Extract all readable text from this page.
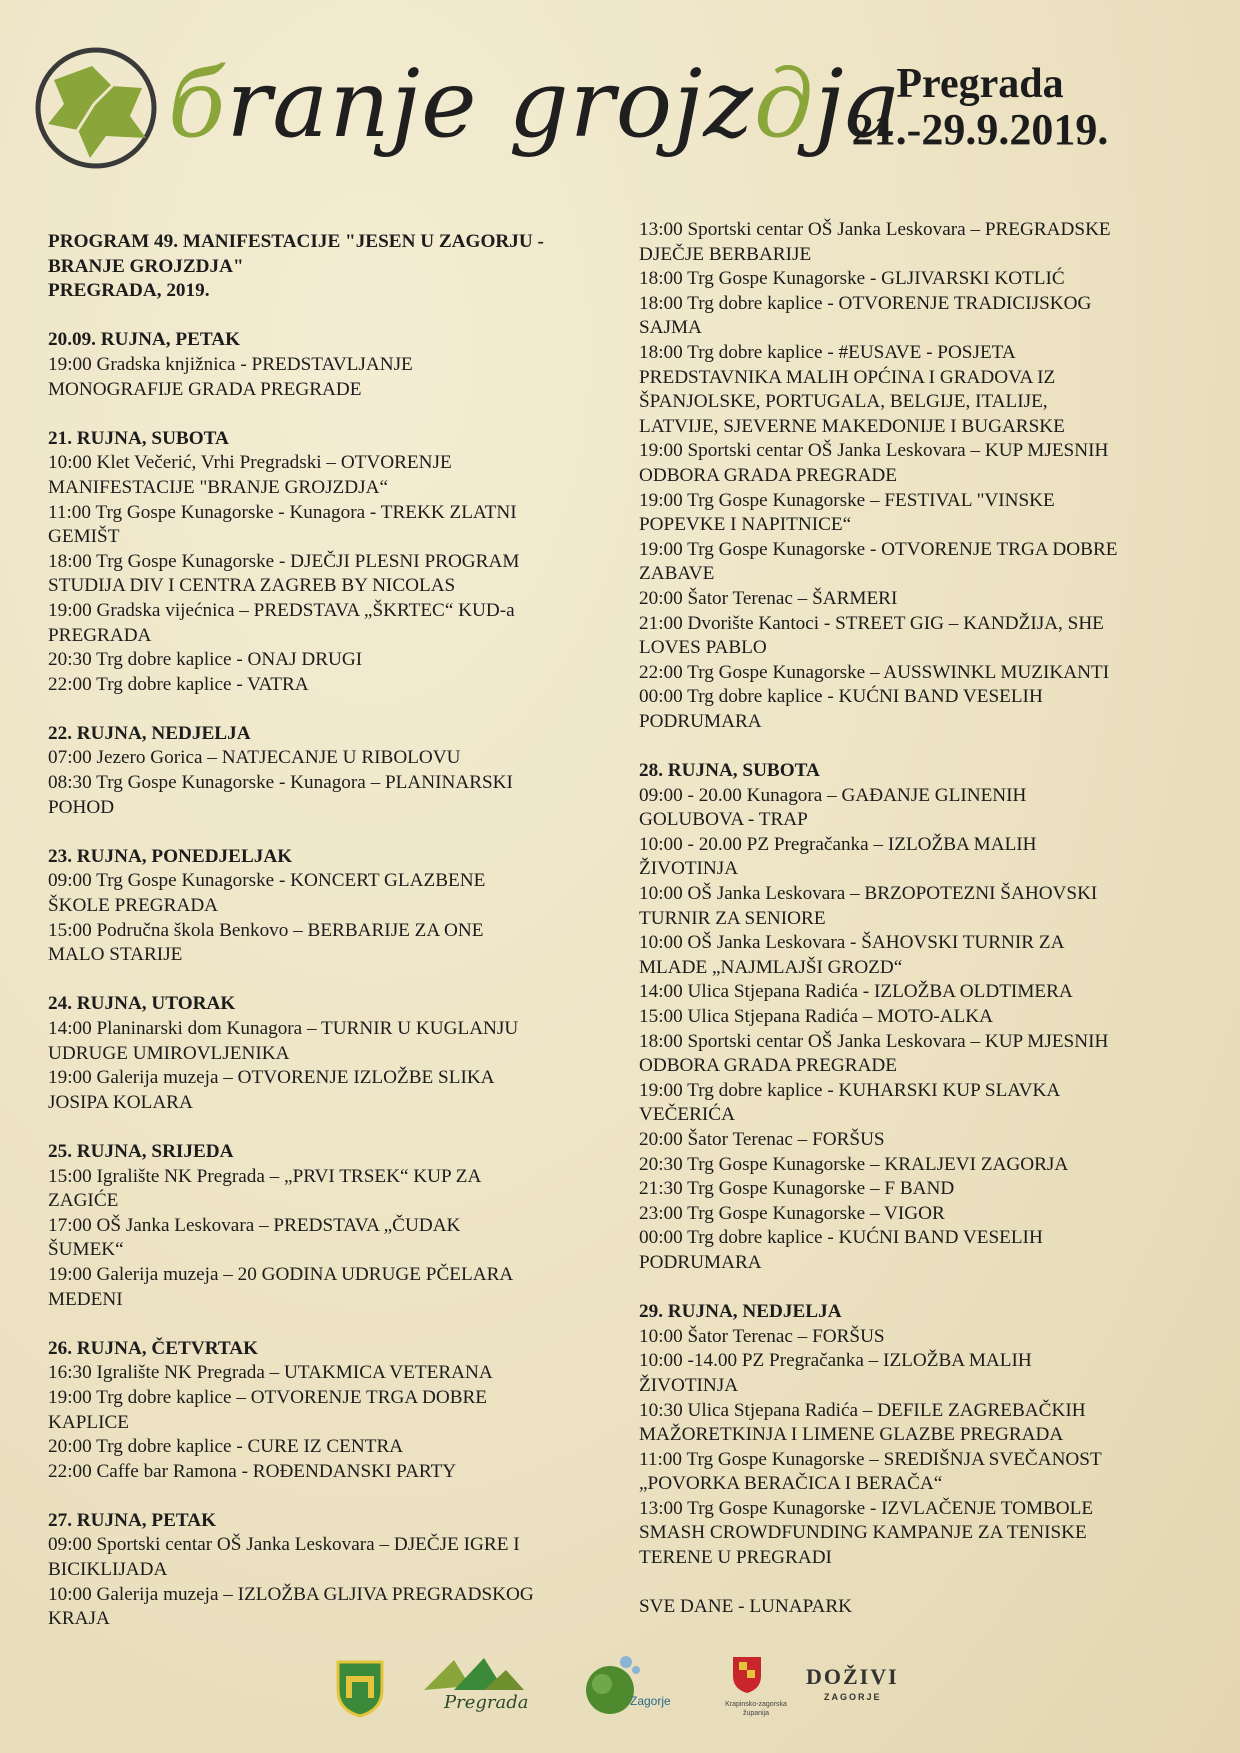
бranje grojzдja
Pregrada
21.-29.9.2019.
PROGRAM 49. MANIFESTACIJE "JESEN U ZAGORJU -
BRANJE GROJZDJA"
PREGRADA, 2019.
20.09. RUJNA, PETAK
19:00 Gradska knjižnica - PREDSTAVLJANJE
MONOGRAFIJE GRADA PREGRADE
21. RUJNA, SUBOTA
10:00 Klet Večerić, Vrhi Pregradski – OTVORENJE
MANIFESTACIJE "BRANJE GROJZDJA“
11:00 Trg Gospe Kunagorske - Kunagora - TREKK ZLATNI
GEMIŠT
18:00 Trg Gospe Kunagorske - DJEČJI PLESNI PROGRAM
STUDIJA DIV I CENTRA ZAGREB BY NICOLAS
19:00 Gradska vijećnica – PREDSTAVA „ŠKRTEC“ KUD-a
PREGRADA
20:30 Trg dobre kaplice - ONAJ DRUGI
22:00 Trg dobre kaplice - VATRA
22. RUJNA, NEDJELJA
07:00 Jezero Gorica – NATJECANJE U RIBOLOVU
08:30 Trg Gospe Kunagorske - Kunagora – PLANINARSKI
POHOD
23. RUJNA, PONEDJELJAK
09:00 Trg Gospe Kunagorske - KONCERT GLAZBENE
ŠKOLE PREGRADA
15:00 Područna škola Benkovo – BERBARIJE ZA ONE
MALO STARIJE
24. RUJNA, UTORAK
14:00 Planinarski dom Kunagora – TURNIR U KUGLANJU
UDRUGE UMIROVLJENIKA
19:00 Galerija muzeja – OTVORENJE IZLOŽBE SLIKA
JOSIPA KOLARA
25. RUJNA, SRIJEDA
15:00 Igralište NK Pregrada – „PRVI TRSEK“ KUP ZA
ZAGIĆE
17:00 OŠ Janka Leskovara – PREDSTAVA „ČUDAK
ŠUMEK“
19:00 Galerija muzeja – 20 GODINA UDRUGE PČELARA
MEDENI
26. RUJNA, ČETVRTAK
16:30 Igralište NK Pregrada – UTAKMICA VETERANA
19:00 Trg dobre kaplice – OTVORENJE TRGA DOBRE
KAPLICE
20:00 Trg dobre kaplice - CURE IZ CENTRA
22:00 Caffe bar Ramona - ROĐENDANSKI PARTY
27. RUJNA, PETAK
09:00 Sportski centar OŠ Janka Leskovara – DJEČJE IGRE I
BICIKLIJADA
10:00 Galerija muzeja – IZLOŽBA GLJIVA PREGRADSKOG
KRAJA
13:00 Sportski centar OŠ Janka Leskovara – PREGRADSKE
DJEČJE BERBARIJE
18:00 Trg Gospe Kunagorske - GLJIVARSKI KOTLIĆ
18:00 Trg dobre kaplice - OTVORENJE TRADICIJSKOG
SAJMA
18:00 Trg dobre kaplice - #EUSAVE - POSJETA
PREDSTAVNIKA MALIH OPĆINA I GRADOVA IZ
ŠPANJOLSKE, PORTUGALA, BELGIJE, ITALIJE,
LATVIJE, SJEVERNE MAKEDONIJE I BUGARSKE
19:00 Sportski centar OŠ Janka Leskovara – KUP MJESNIH
ODBORA GRADA PREGRADE
19:00 Trg Gospe Kunagorske – FESTIVAL "VINSKE
POPEVKE I NAPITNICE“
19:00 Trg Gospe Kunagorske - OTVORENJE TRGA DOBRE
ZABAVE
20:00 Šator Terenac – ŠARMERI
21:00 Dvorište Kantoci - STREET GIG – KANDŽIJA, SHE
LOVES PABLO
22:00 Trg Gospe Kunagorske – AUSSWINKL MUZIKANTI
00:00 Trg dobre kaplice - KUĆNI BAND VESELIH
PODRUMARA
28. RUJNA, SUBOTA
09:00 - 20.00 Kunagora – GAĐANJE GLINENIH
GOLUBOVA - TRAP
10:00 - 20.00 PZ Pregračanka – IZLOŽBA MALIH
ŽIVOTINJA
10:00 OŠ Janka Leskovara – BRZOPOTEZNI ŠAHOVSKI
TURNIR ZA SENIORE
10:00 OŠ Janka Leskovara - ŠAHOVSKI TURNIR ZA
MLADE „NAJMLAJŠI GROZD“
14:00 Ulica Stjepana Radića - IZLOŽBA OLDTIMERA
15:00 Ulica Stjepana Radića – MOTO-ALKA
18:00 Sportski centar OŠ Janka Leskovara – KUP MJESNIH
ODBORA GRADA PREGRADE
19:00 Trg dobre kaplice - KUHARSKI KUP SLAVKA
VEČERIĆA
20:00 Šator Terenac – FORŠUS
20:30 Trg Gospe Kunagorske – KRALJEVI ZAGORJA
21:30 Trg Gospe Kunagorske – F BAND
23:00 Trg Gospe Kunagorske – VIGOR
00:00 Trg dobre kaplice - KUĆNI BAND VESELIH
PODRUMARA
29. RUJNA, NEDJELJA
10:00 Šator Terenac – FORŠUS
10:00 -14.00 PZ Pregračanka – IZLOŽBA MALIH
ŽIVOTINJA
10:30 Ulica Stjepana Radića – DEFILE ZAGREBAČKIH
MAŽORETKINJA I LIMENE GLAZBE PREGRADA
11:00 Trg Gospe Kunagorske – SREDIŠNJA SVEČANOST
„POVORKA BERAČICA I BERAČA“
13:00 Trg Gospe Kunagorske - IZVLAČENJE TOMBOLE
SMASH CROWDFUNDING KAMPANJE ZA TENISKE
TERENE U PREGRADI
SVE DANE - LUNAPARK
Pregrada	Zagorje	Krapinsko-zagorska županija
DOŽIVI
ZAGORJE
